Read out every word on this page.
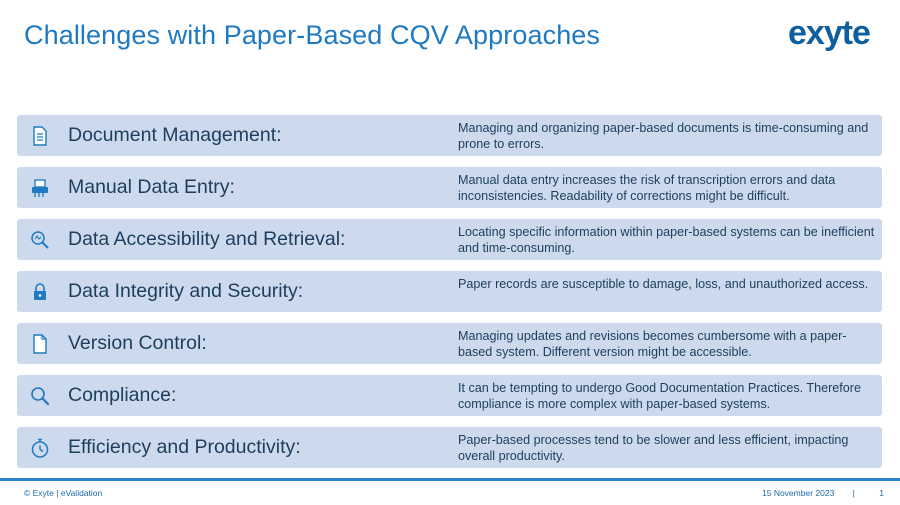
Challenges with Paper-Based CQV Approaches	exyte
Document Management:	Managing and organizing paper-based documents is time-consuming and prone to errors.
Manual Data Entry:	Manual data entry increases the risk of transcription errors and data inconsistencies. Readability of corrections might be difficult.
Data Accessibility and Retrieval:	Locating specific information within paper-based systems can be inefficient and time-consuming.
Data Integrity and Security:	Paper records are susceptible to damage, loss, and unauthorized access.
Version Control:	Managing updates and revisions becomes cumbersome with a paper-based system. Different version might be accessible.
Compliance:	It can be tempting to undergo Good Documentation Practices. Therefore compliance is more complex with paper-based systems.
Efficiency and Productivity:	Paper-based processes tend to be slower and less efficient, impacting overall productivity.
© Exyte | eValidation	15 November 2023 |	1
